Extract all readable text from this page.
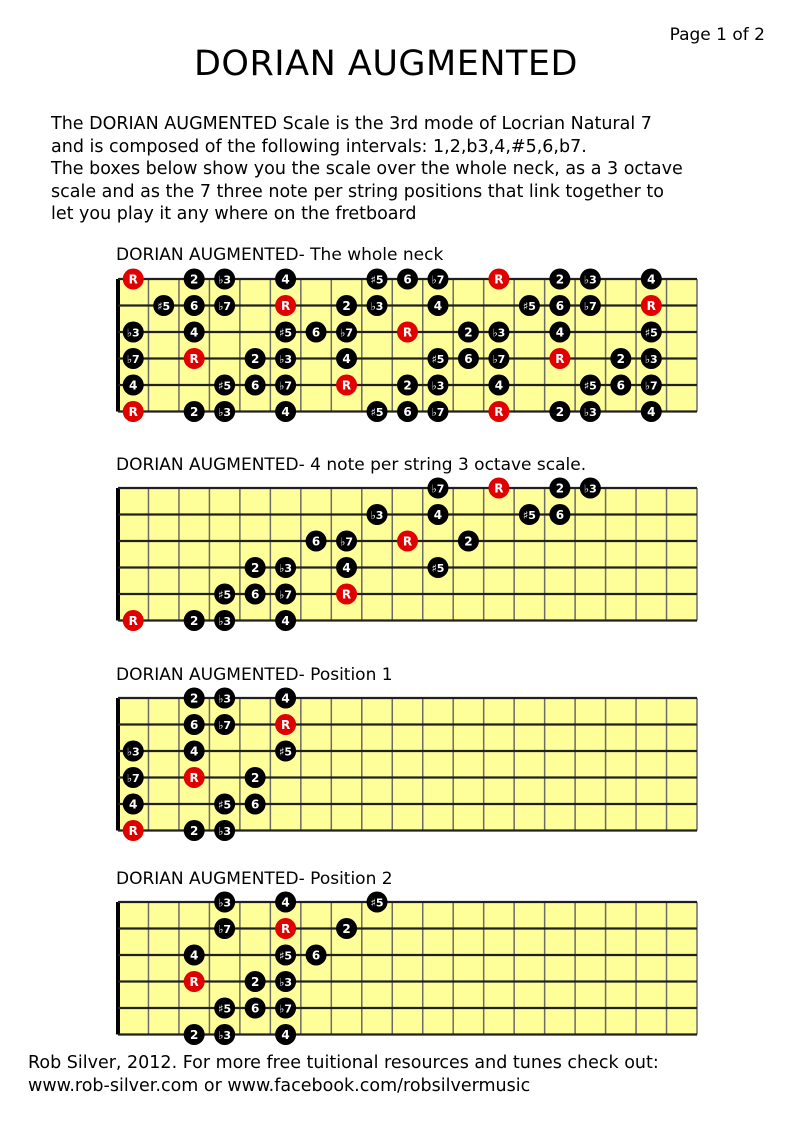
Page 1 of 2
DORIAN AUGMENTED
The DORIAN AUGMENTED Scale is the 3rd mode of Locrian Natural 7
and is composed of the following intervals: 1,2,b3,4,#5,6,b7.
The boxes below show you the scale over the whole neck, as a 3 octave
scale and as the 7 three note per string positions that link together to
let you play it any where on the fretboard
DORIAN AUGMENTED- The whole neck
R	2 ♭3	4	♯5 6 ♭7	R	2 ♭3	4
♯5 6 ♭7	R	2 ♭3	4	♯5 6 ♭7	R
♭3	4	♯5 6 ♭7	R	2 ♭3	4	♯5
♭7	R	2 ♭3	4	♯5 6 ♭7	R	2 ♭3
4	♯5 6 ♭7	R	2 ♭3	4	♯5 6 ♭7
R	2 ♭3	4	♯5 6 ♭7	R	2 ♭3	4
DORIAN AUGMENTED- 4 note per string 3 octave scale.
R	2 ♭3	4
♯5 6 ♭7	R
2 ♭3	4	♯5
6 ♭7	R	2
♭3	4	♯5 6
♭7	R	2 ♭3
DORIAN AUGMENTED- Position 1
2 ♭3	4
6 ♭7	R
♭3	4	♯5
♭7	R	2
4	♯5 6
R	2 ♭3
DORIAN AUGMENTED- Position 2
♭3	4	♯5
♭7	R	2
4	♯5 6
R	2 ♭3
♯5 6 ♭7
2 ♭3	4
Rob Silver, 2012. For more free tuitional resources and tunes check out:
www.rob-silver.com or www.facebook.com/robsilvermusic
